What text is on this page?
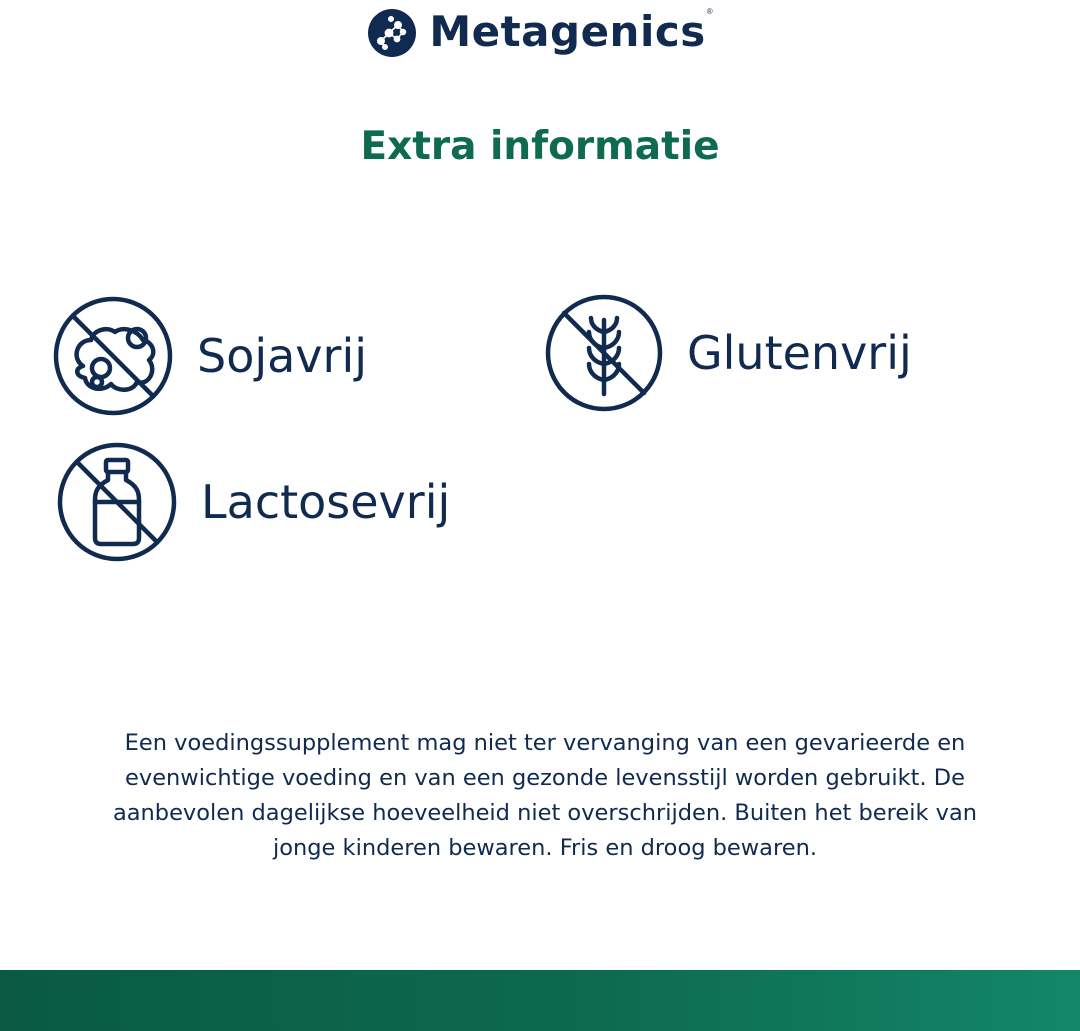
Metagenics ®
Extra informatie
Sojavrij	Glutenvrij
Lactosevrij

Een voedingssupplement mag niet ter vervanging van een gevarieerde en evenwichtige voeding en van een gezonde levensstijl worden gebruikt. De aanbevolen dagelijkse hoeveelheid niet overschrijden. Buiten het bereik van jonge kinderen bewaren. Fris en droog bewaren.
